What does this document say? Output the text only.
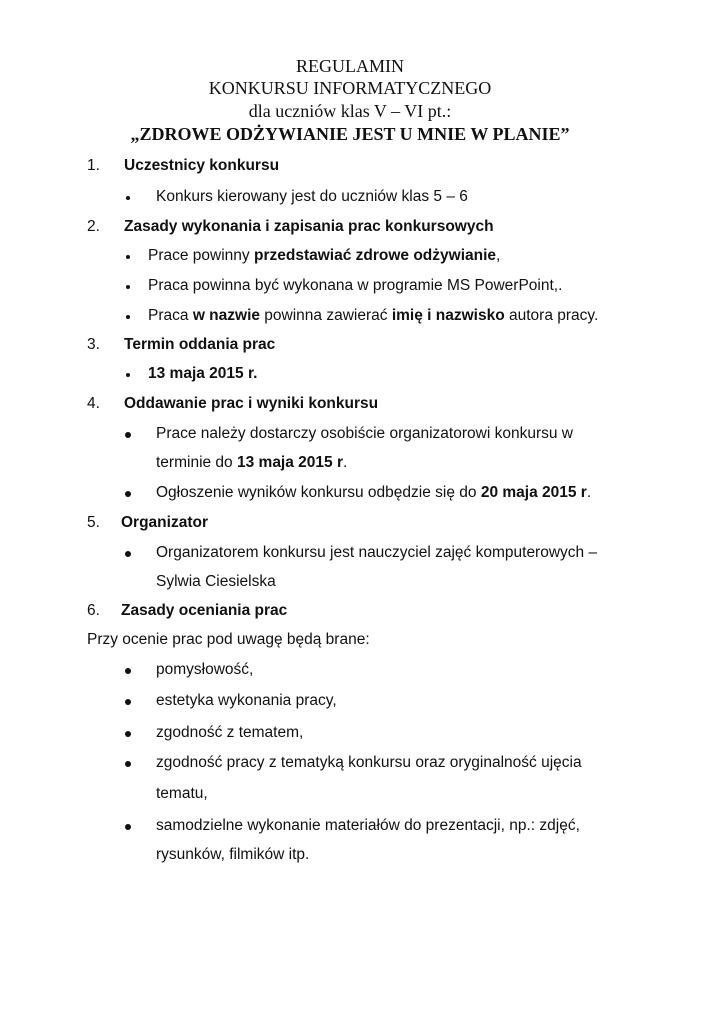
REGULAMIN
KONKURSU INFORMATYCZNEGO
dla uczniów klas V – VI pt.:
„ZDROWE ODŻYWIANIE JEST U MNIE W PLANIE”
1. Uczestnicy konkursu
Konkurs kierowany jest do uczniów klas 5 – 6
2. Zasady wykonania i zapisania prac konkursowych
Prace powinny przedstawiać zdrowe odżywianie,
Praca powinna być wykonana w programie MS PowerPoint,.
Praca w nazwie powinna zawierać imię i nazwisko autora pracy.
3. Termin oddania prac
13 maja 2015 r.
4. Oddawanie prac i wyniki konkursu
Prace należy dostarczy osobiście organizatorowi konkursu w
terminie do 13 maja 2015 r.
Ogłoszenie wyników konkursu odbędzie się do 20 maja 2015 r.
5. Organizator
Organizatorem konkursu jest nauczyciel zajęć komputerowych –
Sylwia Ciesielska
6. Zasady oceniania prac
Przy ocenie prac pod uwagę będą brane:
pomysłowość,
estetyka wykonania pracy,
zgodność z tematem,
zgodność pracy z tematyką konkursu oraz oryginalność ujęcia
tematu,
samodzielne wykonanie materiałów do prezentacji, np.: zdjęć,
rysunków, filmików itp.
